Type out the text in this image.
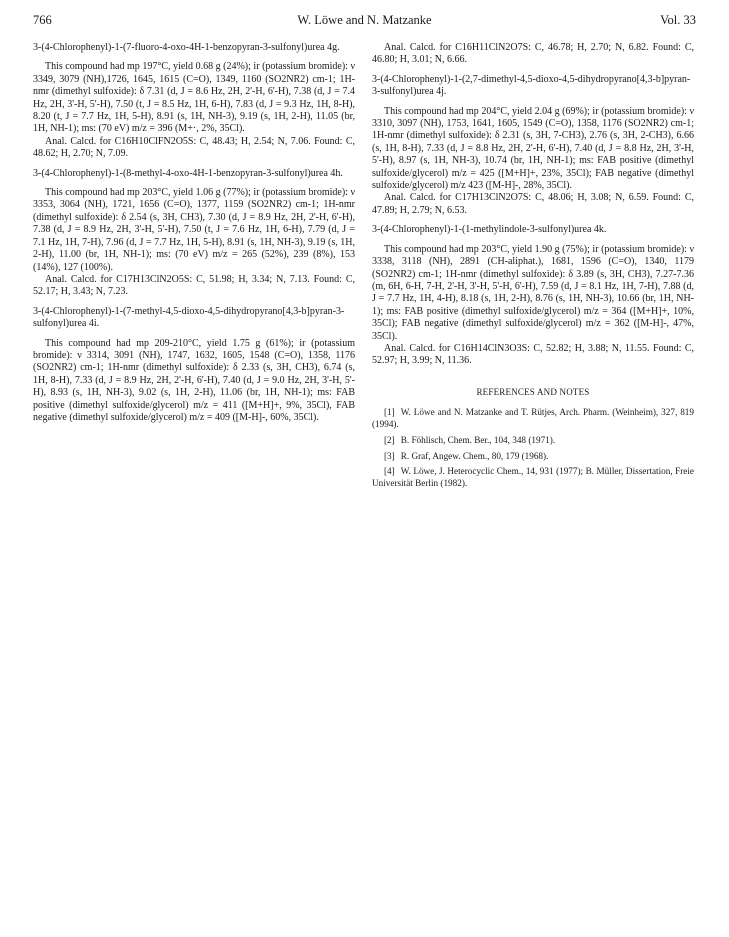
766	W. Löwe and N. Matzanke	Vol. 33

3-(4-Chlorophenyl)-1-(7-fluoro-4-oxo-4H-1-benzopyran-3-sulfonyl)urea 4g.

This compound had mp 197°C, yield 0.68 g (24%); ir (potassium bromide): ν 3349, 3079 (NH),1726, 1645, 1615 (C=O), 1349, 1160 (SO2NR2) cm-1; 1H-nmr (dimethyl sulfoxide): δ 7.31 (d, J = 8.6 Hz, 2H, 2'-H, 6'-H), 7.38 (d, J = 7.4 Hz, 2H, 3'-H, 5'-H), 7.50 (t, J = 8.5 Hz, 1H, 6-H), 7.83 (d, J = 9.3 Hz, 1H, 8-H), 8.20 (t, J = 7.7 Hz, 1H, 5-H), 8.91 (s, 1H, NH-3), 9.19 (s, 1H, 2-H), 11.05 (br, 1H, NH-1); ms: (70 eV) m/z = 396 (M+·, 2%, 35Cl).

Anal. Calcd. for C16H10ClFN2O5S: C, 48.43; H, 2.54; N, 7.06. Found: C, 48.62; H, 2.70; N, 7.09.

3-(4-Chlorophenyl)-1-(8-methyl-4-oxo-4H-1-benzopyran-3-sulfonyl)urea 4h.

This compound had mp 203°C, yield 1.06 g (77%); ir (potassium bromide): ν 3353, 3064 (NH), 1721, 1656 (C=O), 1377, 1159 (SO2NR2) cm-1; 1H-nmr (dimethyl sulfoxide): δ 2.54 (s, 3H, CH3), 7.30 (d, J = 8.9 Hz, 2H, 2'-H, 6'-H), 7.38 (d, J = 8.9 Hz, 2H, 3'-H, 5'-H), 7.50 (t, J = 7.6 Hz, 1H, 6-H), 7.79 (d, J = 7.1 Hz, 1H, 7-H), 7.96 (d, J = 7.7 Hz, 1H, 5-H), 8.91 (s, 1H, NH-3), 9.19 (s, 1H, 2-H), 11.00 (br, 1H, NH-1); ms: (70 eV) m/z = 265 (52%), 239 (8%), 153 (14%), 127 (100%).

Anal. Calcd. for C17H13ClN2O5S: C, 51.98; H, 3.34; N, 7.13. Found: C, 52.17; H, 3.43; N, 7.23.

3-(4-Chlorophenyl)-1-(7-methyl-4,5-dioxo-4,5-dihydropyrano[4,3-b]pyran-3-sulfonyl)urea 4i.

This compound had mp 209-210°C, yield 1.75 g (61%); ir (potassium bromide): ν 3314, 3091 (NH), 1747, 1632, 1605, 1548 (C=O), 1358, 1176 (SO2NR2) cm-1; 1H-nmr (dimethyl sulfoxide): δ 2.33 (s, 3H, CH3), 6.74 (s, 1H, 8-H), 7.33 (d, J = 8.9 Hz, 2H, 2'-H, 6'-H), 7.40 (d, J = 9.0 Hz, 2H, 3'-H, 5'-H), 8.93 (s, 1H, NH-3), 9.02 (s, 1H, 2-H), 11.06 (br, 1H, NH-1); ms: FAB positive (dimethyl sulfoxide/glycerol) m/z = 411 ([M+H]+, 9%, 35Cl), FAB negative (dimethyl sulfoxide/glycerol) m/z = 409 ([M-H]-, 60%, 35Cl).

Anal. Calcd. for C16H11ClN2O7S: C, 46.78; H, 2.70; N, 6.82. Found: C, 46.80; H, 3.01; N, 6.66.

3-(4-Chlorophenyl)-1-(2,7-dimethyl-4,5-dioxo-4,5-dihydropyrano[4,3-b]pyran-3-sulfonyl)urea 4j.

This compound had mp 204°C, yield 2.04 g (69%); ir (potassium bromide): ν 3310, 3097 (NH), 1753, 1641, 1605, 1549 (C=O), 1358, 1176 (SO2NR2) cm-1; 1H-nmr (dimethyl sulfoxide): δ 2.31 (s, 3H, 7-CH3), 2.76 (s, 3H, 2-CH3), 6.66 (s, 1H, 8-H), 7.33 (d, J = 8.8 Hz, 2H, 2'-H, 6'-H), 7.40 (d, J = 8.8 Hz, 2H, 3'-H, 5'-H), 8.97 (s, 1H, NH-3), 10.74 (br, 1H, NH-1); ms: FAB positive (dimethyl sulfoxide/glycerol) m/z = 425 ([M+H]+, 23%, 35Cl); FAB negative (dimethyl sulfoxide/glycerol) m/z 423 ([M-H]-, 28%, 35Cl).

Anal. Calcd. for C17H13ClN2O7S: C, 48.06; H, 3.08; N, 6.59. Found: C, 47.89; H, 2.79; N, 6.53.

3-(4-Chlorophenyl)-1-(1-methylindole-3-sulfonyl)urea 4k.

This compound had mp 203°C, yield 1.90 g (75%); ir (potassium bromide): ν 3338, 3118 (NH), 2891 (CH-aliphat.), 1681, 1596 (C=O), 1340, 1179 (SO2NR2) cm-1; 1H-nmr (dimethyl sulfoxide): δ 3.89 (s, 3H, CH3), 7.27-7.36 (m, 6H, 6-H, 7-H, 2'-H, 3'-H, 5'-H, 6'-H), 7.59 (d, J = 8.1 Hz, 1H, 7-H), 7.88 (d, J = 7.7 Hz, 1H, 4-H), 8.18 (s, 1H, 2-H), 8.76 (s, 1H, NH-3), 10.66 (br, 1H, NH-1); ms: FAB positive (dimethyl sulfoxide/glycerol) m/z = 364 ([M+H]+, 10%, 35Cl); FAB negative (dimethyl sulfoxide/glycerol) m/z = 362 ([M-H]-, 47%, 35Cl).

Anal. Calcd. for C16H14ClN3O3S: C, 52.82; H, 3.88; N, 11.55. Found: C, 52.97; H, 3.99; N, 11.36.

REFERENCES AND NOTES

[1] W. Löwe and N. Matzanke and T. Rütjes, Arch. Pharm. (Weinheim), 327, 819 (1994).

[2] B. Föhlisch, Chem. Ber., 104, 348 (1971).

[3] R. Graf, Angew. Chem., 80, 179 (1968).

[4] W. Löwe, J. Heterocyclic Chem., 14, 931 (1977); B. Müller, Dissertation, Freie Universität Berlin (1982).
